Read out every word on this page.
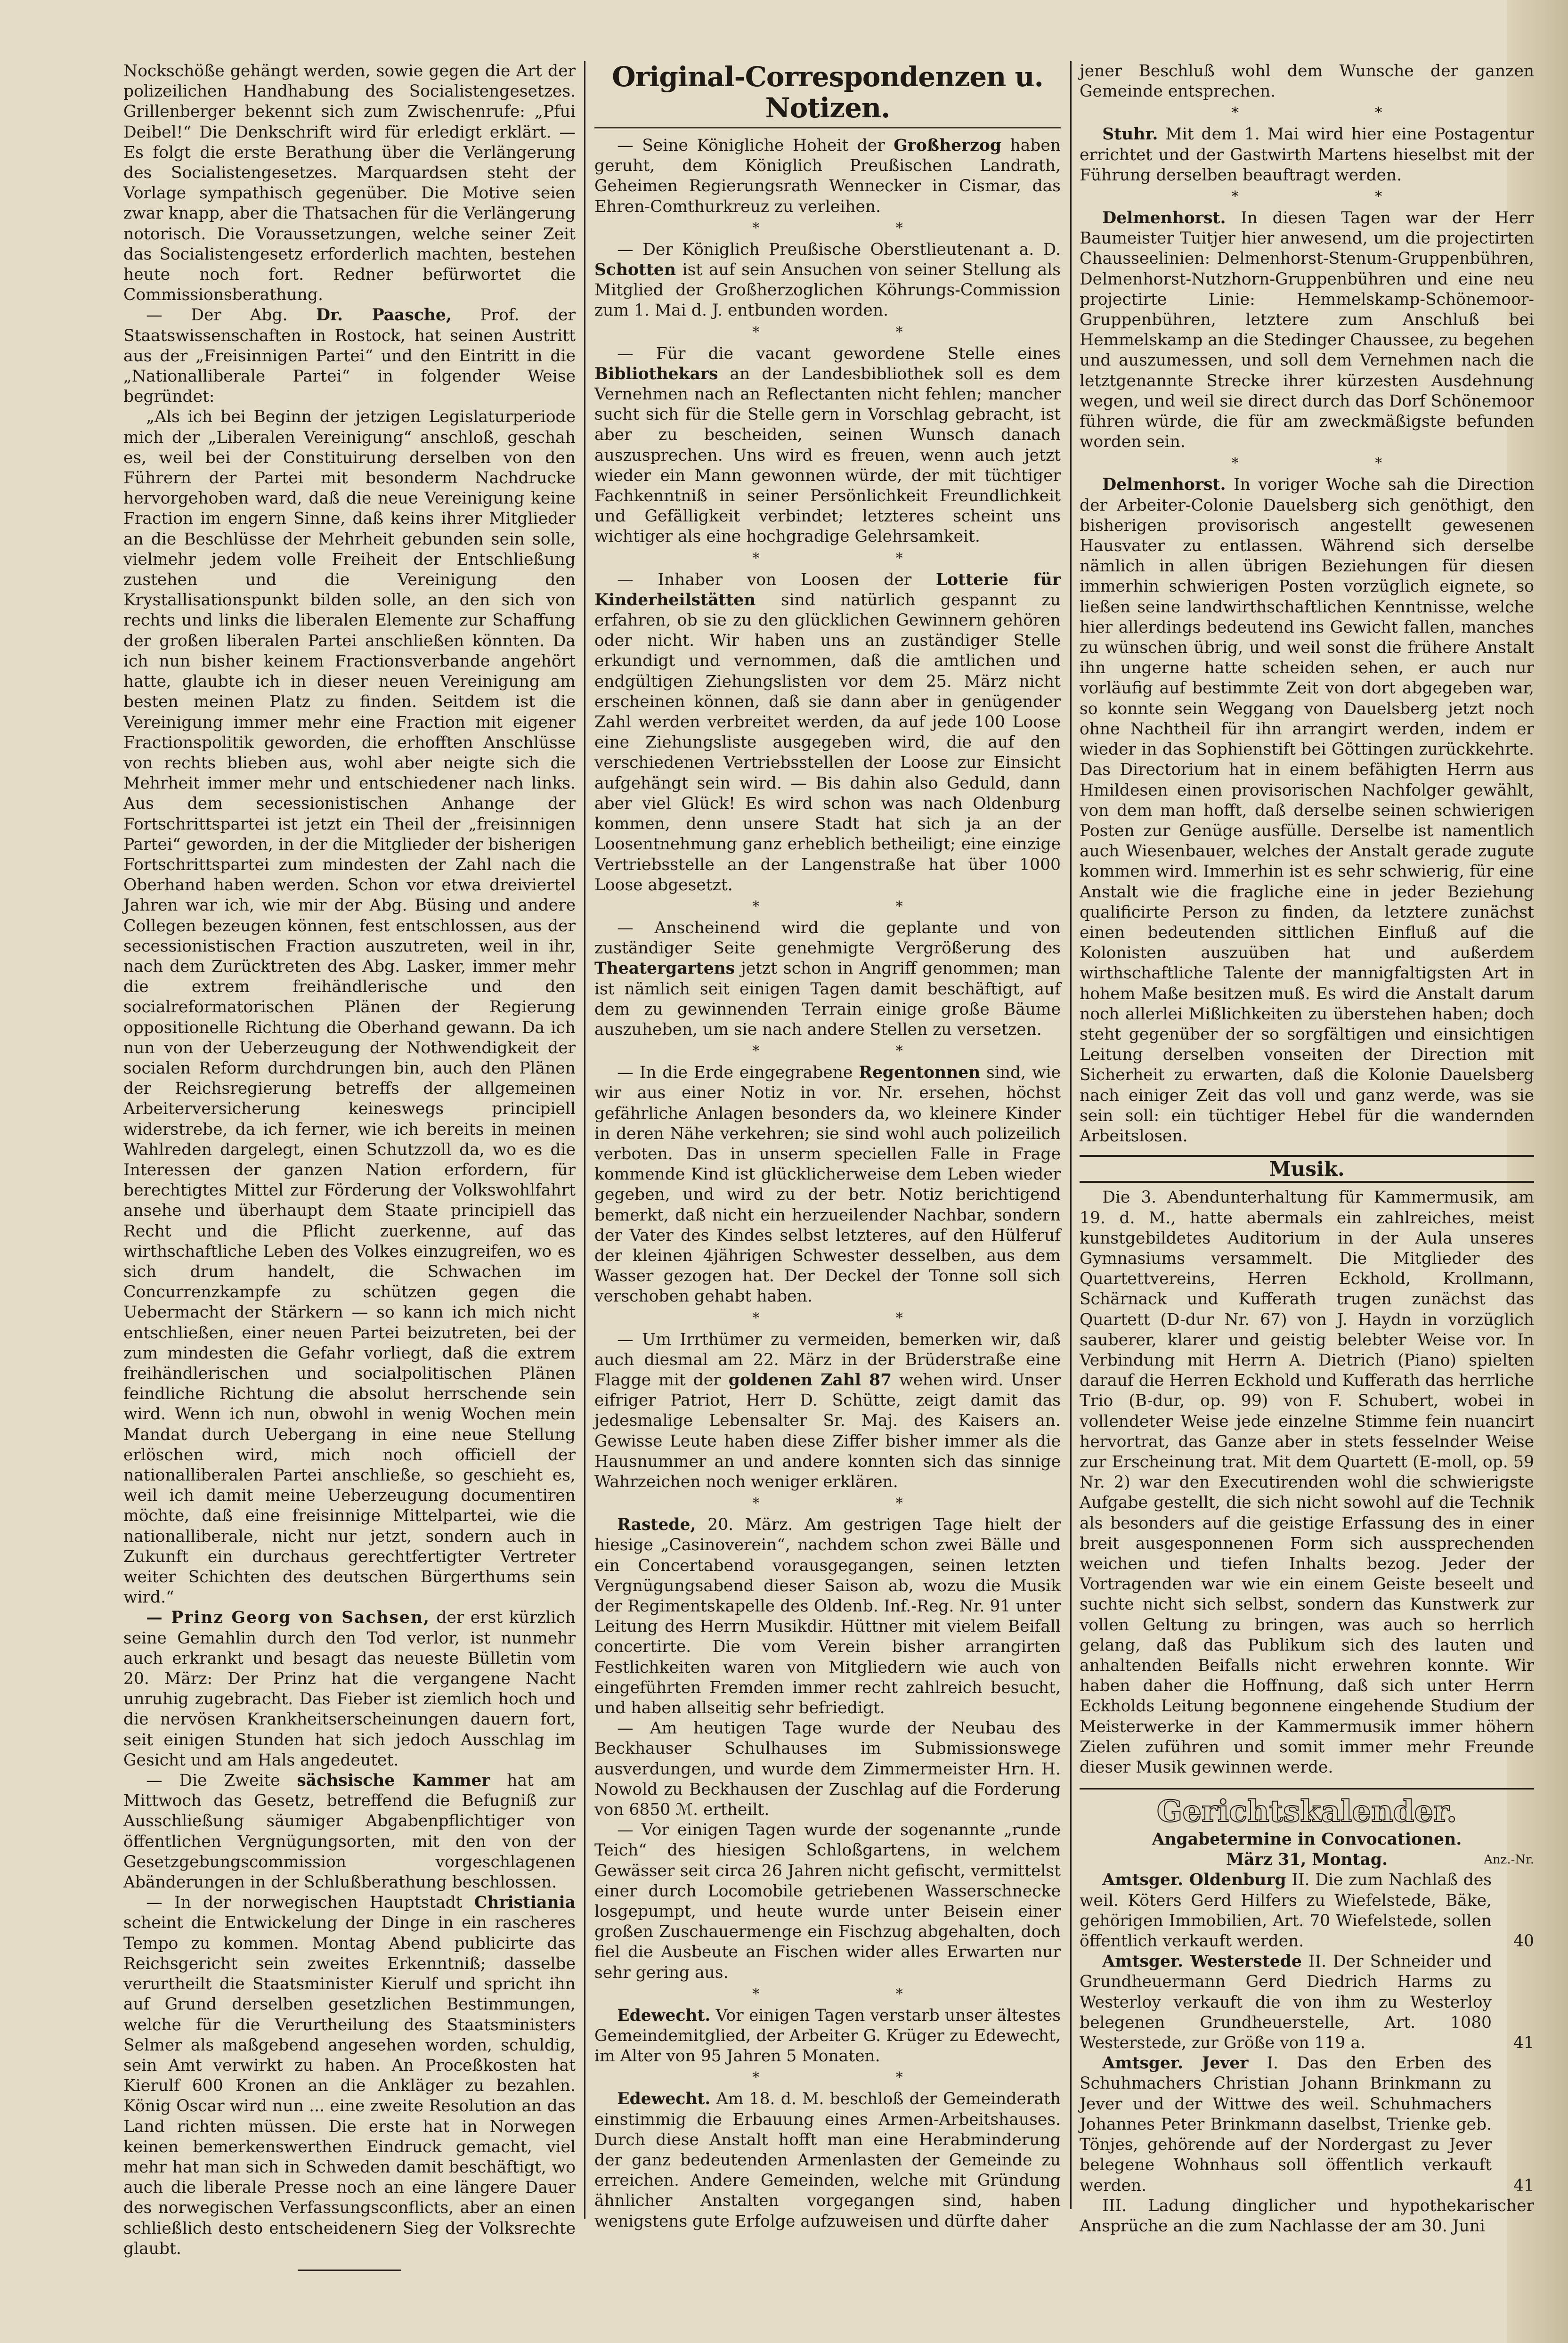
Nockschöße gehängt werden, sowie gegen die Art der polizeilichen Handhabung des Socialistengesetzes. Grillenberger bekennt sich zum Zwischenrufe: „Pfui Deibel!“ Die Denkschrift wird für erledigt erklärt. — Es folgt die erste Berathung über die Verlängerung des Socialistengesetzes. Marquardsen steht der Vorlage sympathisch gegenüber. Die Motive seien zwar knapp, aber die Thatsachen für die Verlängerung notorisch. Die Voraussetzungen, welche seiner Zeit das Socialistengesetz erforderlich machten, bestehen heute noch fort. Redner befürwortet die Commissionsberathung.

— Der Abg. Dr. Paasche, Prof. der Staatswissenschaften in Rostock, hat seinen Austritt aus der „Freisinnigen Partei“ und den Eintritt in die „Nationalliberale Partei“ in folgender Weise begründet:

„Als ich bei Beginn der jetzigen Legislaturperiode mich der „Liberalen Vereinigung“ anschloß, geschah es, weil bei der Constituirung derselben von den Führern der Partei mit besonderm Nachdrucke hervorgehoben ward, daß die neue Vereinigung keine Fraction im engern Sinne, daß keins ihrer Mitglieder an die Beschlüsse der Mehrheit gebunden sein solle, vielmehr jedem volle Freiheit der Entschließung zustehen und die Vereinigung den Krystallisationspunkt bilden solle, an den sich von rechts und links die liberalen Elemente zur Schaffung der großen liberalen Partei anschließen könnten. Da ich nun bisher keinem Fractionsverbande angehört hatte, glaubte ich in dieser neuen Vereinigung am besten meinen Platz zu finden. Seitdem ist die Vereinigung immer mehr eine Fraction mit eigener Fractionspolitik geworden, die erhofften Anschlüsse von rechts blieben aus, wohl aber neigte sich die Mehrheit immer mehr und entschiedener nach links. Aus dem secessionistischen Anhange der Fortschrittspartei ist jetzt ein Theil der „freisinnigen Partei“ geworden, in der die Mitglieder der bisherigen Fortschrittspartei zum mindesten der Zahl nach die Oberhand haben werden. Schon vor etwa dreiviertel Jahren war ich, wie mir der Abg. Büsing und andere Collegen bezeugen können, fest entschlossen, aus der secessionistischen Fraction auszutreten, weil in ihr, nach dem Zurücktreten des Abg. Lasker, immer mehr die extrem freihändlerische und den socialreformatorischen Plänen der Regierung oppositionelle Richtung die Oberhand gewann. Da ich nun von der Ueberzeugung der Nothwendigkeit der socialen Reform durchdrungen bin, auch den Plänen der Reichsregierung betreffs der allgemeinen Arbeiterversicherung keineswegs principiell widerstrebe, da ich ferner, wie ich bereits in meinen Wahlreden dargelegt, einen Schutzzoll da, wo es die Interessen der ganzen Nation erfordern, für berechtigtes Mittel zur Förderung der Volkswohlfahrt ansehe und überhaupt dem Staate principiell das Recht und die Pflicht zuerkenne, auf das wirthschaftliche Leben des Volkes einzugreifen, wo es sich drum handelt, die Schwachen im Concurrenzkampfe zu schützen gegen die Uebermacht der Stärkern — so kann ich mich nicht entschließen, einer neuen Partei beizutreten, bei der zum mindesten die Gefahr vorliegt, daß die extrem freihändlerischen und socialpolitischen Plänen feindliche Richtung die absolut herrschende sein wird. Wenn ich nun, obwohl in wenig Wochen mein Mandat durch Uebergang in eine neue Stellung erlöschen wird, mich noch officiell der nationalliberalen Partei anschließe, so geschieht es, weil ich damit meine Ueberzeugung documentiren möchte, daß eine freisinnige Mittelpartei, wie die nationalliberale, nicht nur jetzt, sondern auch in Zukunft ein durchaus gerechtfertigter Vertreter weiter Schichten des deutschen Bürgerthums sein wird.“

— Prinz Georg von Sachsen, der erst kürzlich seine Gemahlin durch den Tod verlor, ist nunmehr auch erkrankt und besagt das neueste Bülletin vom 20. März: Der Prinz hat die vergangene Nacht unruhig zugebracht. Das Fieber ist ziemlich hoch und die nervösen Krankheitserscheinungen dauern fort, seit einigen Stunden hat sich jedoch Ausschlag im Gesicht und am Hals angedeutet.

— Die Zweite sächsische Kammer hat am Mittwoch das Gesetz, betreffend die Befugniß zur Ausschließung säumiger Abgabenpflichtiger von öffentlichen Vergnügungsorten, mit den von der Gesetzgebungscommission vorgeschlagenen Abänderungen in der Schlußberathung beschlossen.

— In der norwegischen Hauptstadt Christiania scheint die Entwickelung der Dinge in ein rascheres Tempo zu kommen. Montag Abend publicirte das Reichsgericht sein zweites Erkenntniß; dasselbe verurtheilt die Staatsminister Kierulf und spricht ihn auf Grund derselben gesetzlichen Bestimmungen, welche für die Verurtheilung des Staatsministers Selmer als maßgebend angesehen worden, schuldig, sein Amt verwirkt zu haben. An Proceßkosten hat Kierulf 600 Kronen an die Ankläger zu bezahlen. König Oscar wird nun ... eine zweite Resolution an das Land richten müssen. Die erste hat in Norwegen keinen bemerkenswerthen Eindruck gemacht, viel mehr hat man sich in Schweden damit beschäftigt, wo auch die liberale Presse noch an eine längere Dauer des norwegischen Verfassungsconflicts, aber an einen schließlich desto entscheidenern Sieg der Volksrechte glaubt.

Original-Correspondenzen u. Notizen.

— Seine Königliche Hoheit der Großherzog haben geruht, dem Königlich Preußischen Landrath, Geheimen Regierungsrath Wennecker in Cismar, das Ehren-Comthurkreuz zu verleihen.

* *

— Der Königlich Preußische Oberstlieutenant a. D. Schotten ist auf sein Ansuchen von seiner Stellung als Mitglied der Großherzoglichen Köhrungs-Commission zum 1. Mai d. J. entbunden worden.

* *

— Für die vacant gewordene Stelle eines Bibliothekars an der Landesbibliothek soll es dem Vernehmen nach an Reflectanten nicht fehlen; mancher sucht sich für die Stelle gern in Vorschlag gebracht, ist aber zu bescheiden, seinen Wunsch danach auszusprechen. Uns wird es freuen, wenn auch jetzt wieder ein Mann gewonnen würde, der mit tüchtiger Fachkenntniß in seiner Persönlichkeit Freundlichkeit und Gefälligkeit verbindet; letzteres scheint uns wichtiger als eine hochgradige Gelehrsamkeit.

* *

— Inhaber von Loosen der Lotterie für Kinderheilstätten sind natürlich gespannt zu erfahren, ob sie zu den glücklichen Gewinnern gehören oder nicht. Wir haben uns an zuständiger Stelle erkundigt und vernommen, daß die amtlichen und endgültigen Ziehungslisten vor dem 25. März nicht erscheinen können, daß sie dann aber in genügender Zahl werden verbreitet werden, da auf jede 100 Loose eine Ziehungsliste ausgegeben wird, die auf den verschiedenen Vertriebsstellen der Loose zur Einsicht aufgehängt sein wird. — Bis dahin also Geduld, dann aber viel Glück! Es wird schon was nach Oldenburg kommen, denn unsere Stadt hat sich ja an der Loosentnehmung ganz erheblich betheiligt; eine einzige Vertriebsstelle an der Langenstraße hat über 1000 Loose abgesetzt.

* *

— Anscheinend wird die geplante und von zuständiger Seite genehmigte Vergrößerung des Theatergartens jetzt schon in Angriff genommen; man ist nämlich seit einigen Tagen damit beschäftigt, auf dem zu gewinnenden Terrain einige große Bäume auszuheben, um sie nach andere Stellen zu versetzen.

* *

— In die Erde eingegrabene Regentonnen sind, wie wir aus einer Notiz in vor. Nr. ersehen, höchst gefährliche Anlagen besonders da, wo kleinere Kinder in deren Nähe verkehren; sie sind wohl auch polizeilich verboten. Das in unserm speciellen Falle in Frage kommende Kind ist glücklicherweise dem Leben wieder gegeben, und wird zu der betr. Notiz berichtigend bemerkt, daß nicht ein herzueilender Nachbar, sondern der Vater des Kindes selbst letzteres, auf den Hülferuf der kleinen 4jährigen Schwester desselben, aus dem Wasser gezogen hat. Der Deckel der Tonne soll sich verschoben gehabt haben.

* *

— Um Irrthümer zu vermeiden, bemerken wir, daß auch diesmal am 22. März in der Brüderstraße eine Flagge mit der goldenen Zahl 87 wehen wird. Unser eifriger Patriot, Herr D. Schütte, zeigt damit das jedesmalige Lebensalter Sr. Maj. des Kaisers an. Gewisse Leute haben diese Ziffer bisher immer als die Hausnummer an und andere konnten sich das sinnige Wahrzeichen noch weniger erklären.

* *

Rastede, 20. März. Am gestrigen Tage hielt der hiesige „Casinoverein“, nachdem schon zwei Bälle und ein Concertabend vorausgegangen, seinen letzten Vergnügungsabend dieser Saison ab, wozu die Musik der Regimentskapelle des Oldenb. Inf.-Reg. Nr. 91 unter Leitung des Herrn Musikdir. Hüttner mit vielem Beifall concertirte. Die vom Verein bisher arrangirten Festlichkeiten waren von Mitgliedern wie auch von eingeführten Fremden immer recht zahlreich besucht, und haben allseitig sehr befriedigt.

— Am heutigen Tage wurde der Neubau des Beckhauser Schulhauses im Submissionswege ausverdungen, und wurde dem Zimmermeister Hrn. H. Nowold zu Beckhausen der Zuschlag auf die Forderung von 6850 ℳ. ertheilt.

— Vor einigen Tagen wurde der sogenannte „runde Teich“ des hiesigen Schloßgartens, in welchem Gewässer seit circa 26 Jahren nicht gefischt, vermittelst einer durch Locomobile getriebenen Wasserschnecke losgepumpt, und heute wurde unter Beisein einer großen Zuschauermenge ein Fischzug abgehalten, doch fiel die Ausbeute an Fischen wider alles Erwarten nur sehr gering aus.

* *

Edewecht. Vor einigen Tagen verstarb unser ältestes Gemeindemitglied, der Arbeiter G. Krüger zu Edewecht, im Alter von 95 Jahren 5 Monaten.

* *

Edewecht. Am 18. d. M. beschloß der Gemeinderath einstimmig die Erbauung eines Armen-Arbeitshauses. Durch diese Anstalt hofft man eine Herabminderung der ganz bedeutenden Armenlasten der Gemeinde zu erreichen. Andere Gemeinden, welche mit Gründung ähnlicher Anstalten vorgegangen sind, haben wenigstens gute Erfolge aufzuweisen und dürfte daher

jener Beschluß wohl dem Wunsche der ganzen Gemeinde entsprechen.

* *

Stuhr. Mit dem 1. Mai wird hier eine Postagentur errichtet und der Gastwirth Martens hieselbst mit der Führung derselben beauftragt werden.

* *

Delmenhorst. In diesen Tagen war der Herr Baumeister Tuitjer hier anwesend, um die projectirten Chausseelinien: Delmenhorst-Stenum-Gruppenbühren, Delmenhorst-Nutzhorn-Gruppenbühren und eine neu projectirte Linie: Hemmelskamp-Schönemoor-Gruppenbühren, letztere zum Anschluß bei Hemmelskamp an die Stedinger Chaussee, zu begehen und auszumessen, und soll dem Vernehmen nach die letztgenannte Strecke ihrer kürzesten Ausdehnung wegen, und weil sie direct durch das Dorf Schönemoor führen würde, die für am zweckmäßigste befunden worden sein.

* *

Delmenhorst. In voriger Woche sah die Direction der Arbeiter-Colonie Dauelsberg sich genöthigt, den bisherigen provisorisch angestellt gewesenen Hausvater zu entlassen. Während sich derselbe nämlich in allen übrigen Beziehungen für diesen immerhin schwierigen Posten vorzüglich eignete, so ließen seine landwirthschaftlichen Kenntnisse, welche hier allerdings bedeutend ins Gewicht fallen, manches zu wünschen übrig, und weil sonst die frühere Anstalt ihn ungerne hatte scheiden sehen, er auch nur vorläufig auf bestimmte Zeit von dort abgegeben war, so konnte sein Weggang von Dauelsberg jetzt noch ohne Nachtheil für ihn arrangirt werden, indem er wieder in das Sophienstift bei Göttingen zurückkehrte. Das Directorium hat in einem befähigten Herrn aus Hmildesen einen provisorischen Nachfolger gewählt, von dem man hofft, daß derselbe seinen schwierigen Posten zur Genüge ausfülle. Derselbe ist namentlich auch Wiesenbauer, welches der Anstalt gerade zugute kommen wird. Immerhin ist es sehr schwierig, für eine Anstalt wie die fragliche eine in jeder Beziehung qualificirte Person zu finden, da letztere zunächst einen bedeutenden sittlichen Einfluß auf die Kolonisten auszuüben hat und außerdem wirthschaftliche Talente der mannigfaltigsten Art in hohem Maße besitzen muß. Es wird die Anstalt darum noch allerlei Mißlichkeiten zu überstehen haben; doch steht gegenüber der so sorgfältigen und einsichtigen Leitung derselben vonseiten der Direction mit Sicherheit zu erwarten, daß die Kolonie Dauelsberg nach einiger Zeit das voll und ganz werde, was sie sein soll: ein tüchtiger Hebel für die wandernden Arbeitslosen.

Musik.

Die 3. Abendunterhaltung für Kammermusik, am 19. d. M., hatte abermals ein zahlreiches, meist kunstgebildetes Auditorium in der Aula unseres Gymnasiums versammelt. Die Mitglieder des Quartettvereins, Herren Eckhold, Krollmann, Schärnack und Kufferath trugen zunächst das Quartett (D-dur Nr. 67) von J. Haydn in vorzüglich sauberer, klarer und geistig belebter Weise vor. In Verbindung mit Herrn A. Dietrich (Piano) spielten darauf die Herren Eckhold und Kufferath das herrliche Trio (B-dur, op. 99) von F. Schubert, wobei in vollendeter Weise jede einzelne Stimme fein nuancirt hervortrat, das Ganze aber in stets fesselnder Weise zur Erscheinung trat. Mit dem Quartett (E-moll, op. 59 Nr. 2) war den Executirenden wohl die schwierigste Aufgabe gestellt, die sich nicht sowohl auf die Technik als besonders auf die geistige Erfassung des in einer breit ausgesponnenen Form sich aussprechenden weichen und tiefen Inhalts bezog. Jeder der Vortragenden war wie ein einem Geiste beseelt und suchte nicht sich selbst, sondern das Kunstwerk zur vollen Geltung zu bringen, was auch so herrlich gelang, daß das Publikum sich des lauten und anhaltenden Beifalls nicht erwehren konnte. Wir haben daher die Hoffnung, daß sich unter Herrn Eckholds Leitung begonnene eingehende Studium der Meisterwerke in der Kammermusik immer höhern Zielen zuführen und somit immer mehr Freunde dieser Musik gewinnen werde.

Gerichtskalender.
Angabetermine in Convocationen.
März 31, Montag.	Anz.-Nr.

Amtsger. Oldenburg II. Die zum Nachlaß des weil. Köters Gerd Hilfers zu Wiefelstede, Bäke, gehörigen Immobilien, Art. 70 Wiefelstede, sollen öffentlich verkauft werden.	40

Amtsger. Westerstede II. Der Schneider und Grundheuermann Gerd Diedrich Harms zu Westerloy verkauft die von ihm zu Westerloy belegenen Grundheuerstelle, Art. 1080 Westerstede, zur Größe von 119 a.	41

Amtsger. Jever I. Das den Erben des Schuhmachers Christian Johann Brinkmann zu Jever und der Wittwe des weil. Schuhmachers Johannes Peter Brinkmann daselbst, Trienke geb. Tönjes, gehörende auf der Nordergast zu Jever belegene Wohnhaus soll öffentlich verkauft werden.	41

III. Ladung dinglicher und hypothekarischer Ansprüche an die zum Nachlasse der am 30. Juni
